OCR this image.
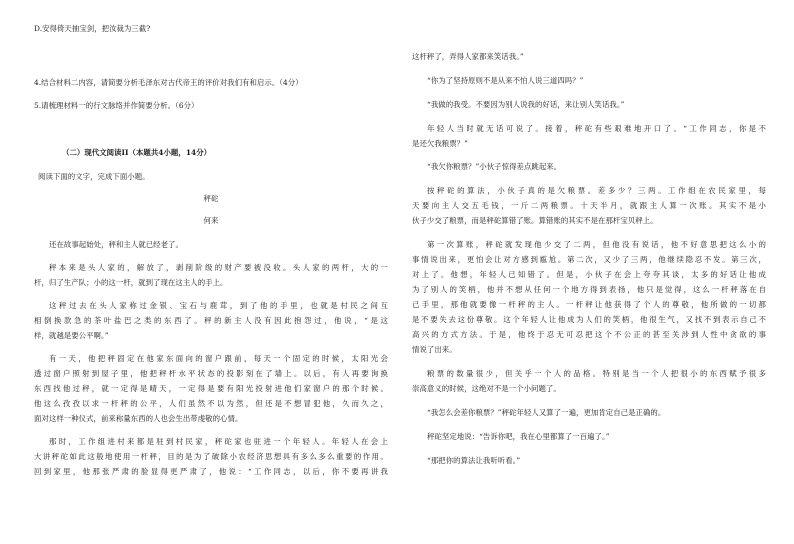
D.安得倚天抽宝剑，把汝裁为三截?
4.结合材料二内容，请简要分析毛泽东对古代帝王的评价对我们有和启示。（4分）
5.请梳理材料一的行文脉络并作简要分析。（6分）
（二）现代文阅读II（本题共4小题，14分）
阅读下面的文字，完成下面小题。
秤砣
何来
还在故事起始处，秤和主人就已经老了。
秤本来是头人家的，解放了，剥削阶级的财产要被没收。头人家的两杆，大的一
杆，归了生产队；小的这一杆，就到了现在这主人的手上。
这秤过去在头人家称过金银、宝石与鹿茸，到了他的手里，也就是村民之间互
相倒换款急的茶叶盐巴之类的东西了。秤的新主人没有因此抱怨过，他说，“是这
样，就越是要公平啊。”
有一天，他把秤固定在他家东面向的窗户跟前，每天一个固定的时候，太阳光会
透过窗户照射到屋子里，他把秤杆水平状态的投影刻在了墙上。以后，有人再要询换
东西找他过秤，就一定得是晴天，一定得是要有阳光投射进他们家窗户的那个时候。
他这么孜孜以求一杆秤的公平，人们虽然不以为然，但还是不想冒犯他，久而久之，
面对这样一种仪式，前来称量东西的人也会生出带虔敬的心情。
那时，工作组进村来都是驻到村民家，秤砣家也驻进一个年轻人。年轻人在会上
大讲秤砣如此这般地使用一杆秤，目的是为了破除小农经济思想具有多么多么重要的作用。
回到家里，他那张严肃的脸显得更严肃了，他说：“工作同志，以后，你不要再讲我
这杆秤了，弄得人家都来笑话我。”
“你为了坚持原则不是从来不怕人说三道四吗？”
“我做的我受。不要因为别人说我的好话，来让别人笑话我。”
年轻人当时就无话可说了。接着，秤砣有些艰难地开口了。“工作同志，你是不
是还欠我粮票？”
“我欠你粮票？”小伙子惊得差点跳起来。
按秤砣的算法，小伙子真的是欠粮票。差多少？三两。工作组在农民家里，每
天要向主人交五毛钱，一斤二两粮票。十天半月，就跟主人算一次账。其实不是小
伙子少交了粮票，而是秤砣算错了账。算错账的其实不是在那杆宝贝秤上。
第一次算账，秤砣就发现他少交了二两，但他没有说话，他不好意思把这么小的
事情说出来，更怕会让对方感到尴尬。第二次，又少了三两，他继续隐忍不发。第三次，
对上了。他想，年轻人已知错了。但是，小伙子在会上夸夸其谈，太多的好话让他成
为了别人的笑柄，他并不想从任何一个地方得到表扬，他只是觉得，这么一杆秤落在自
己手里，那他就要像一杆秤的主人。一杆秤让他获得了个人的尊敬，他所做的一切都
是不要失去这份尊敬。这个年轻人让他成为人们的笑柄，他很生气，又找不到表示自己不
高兴的方式方法。于是，他终于忍无可忍把这个不公正的甚至关涉到人性中贪欲的事
情说了出来。
粮票的数量很少，但关乎一个人的品格。特别是当一个人把很小的东西赋予很多
崇高意义的时候，这绝对不是一个小问题了。
“我怎么会差你粮票？”秤砣年轻人又算了一遍，更加肯定自己是正确的。
秤砣坚定地说：“告诉你吧，我在心里都算了一百遍了。”
“那把你的算法让我听听看。”
